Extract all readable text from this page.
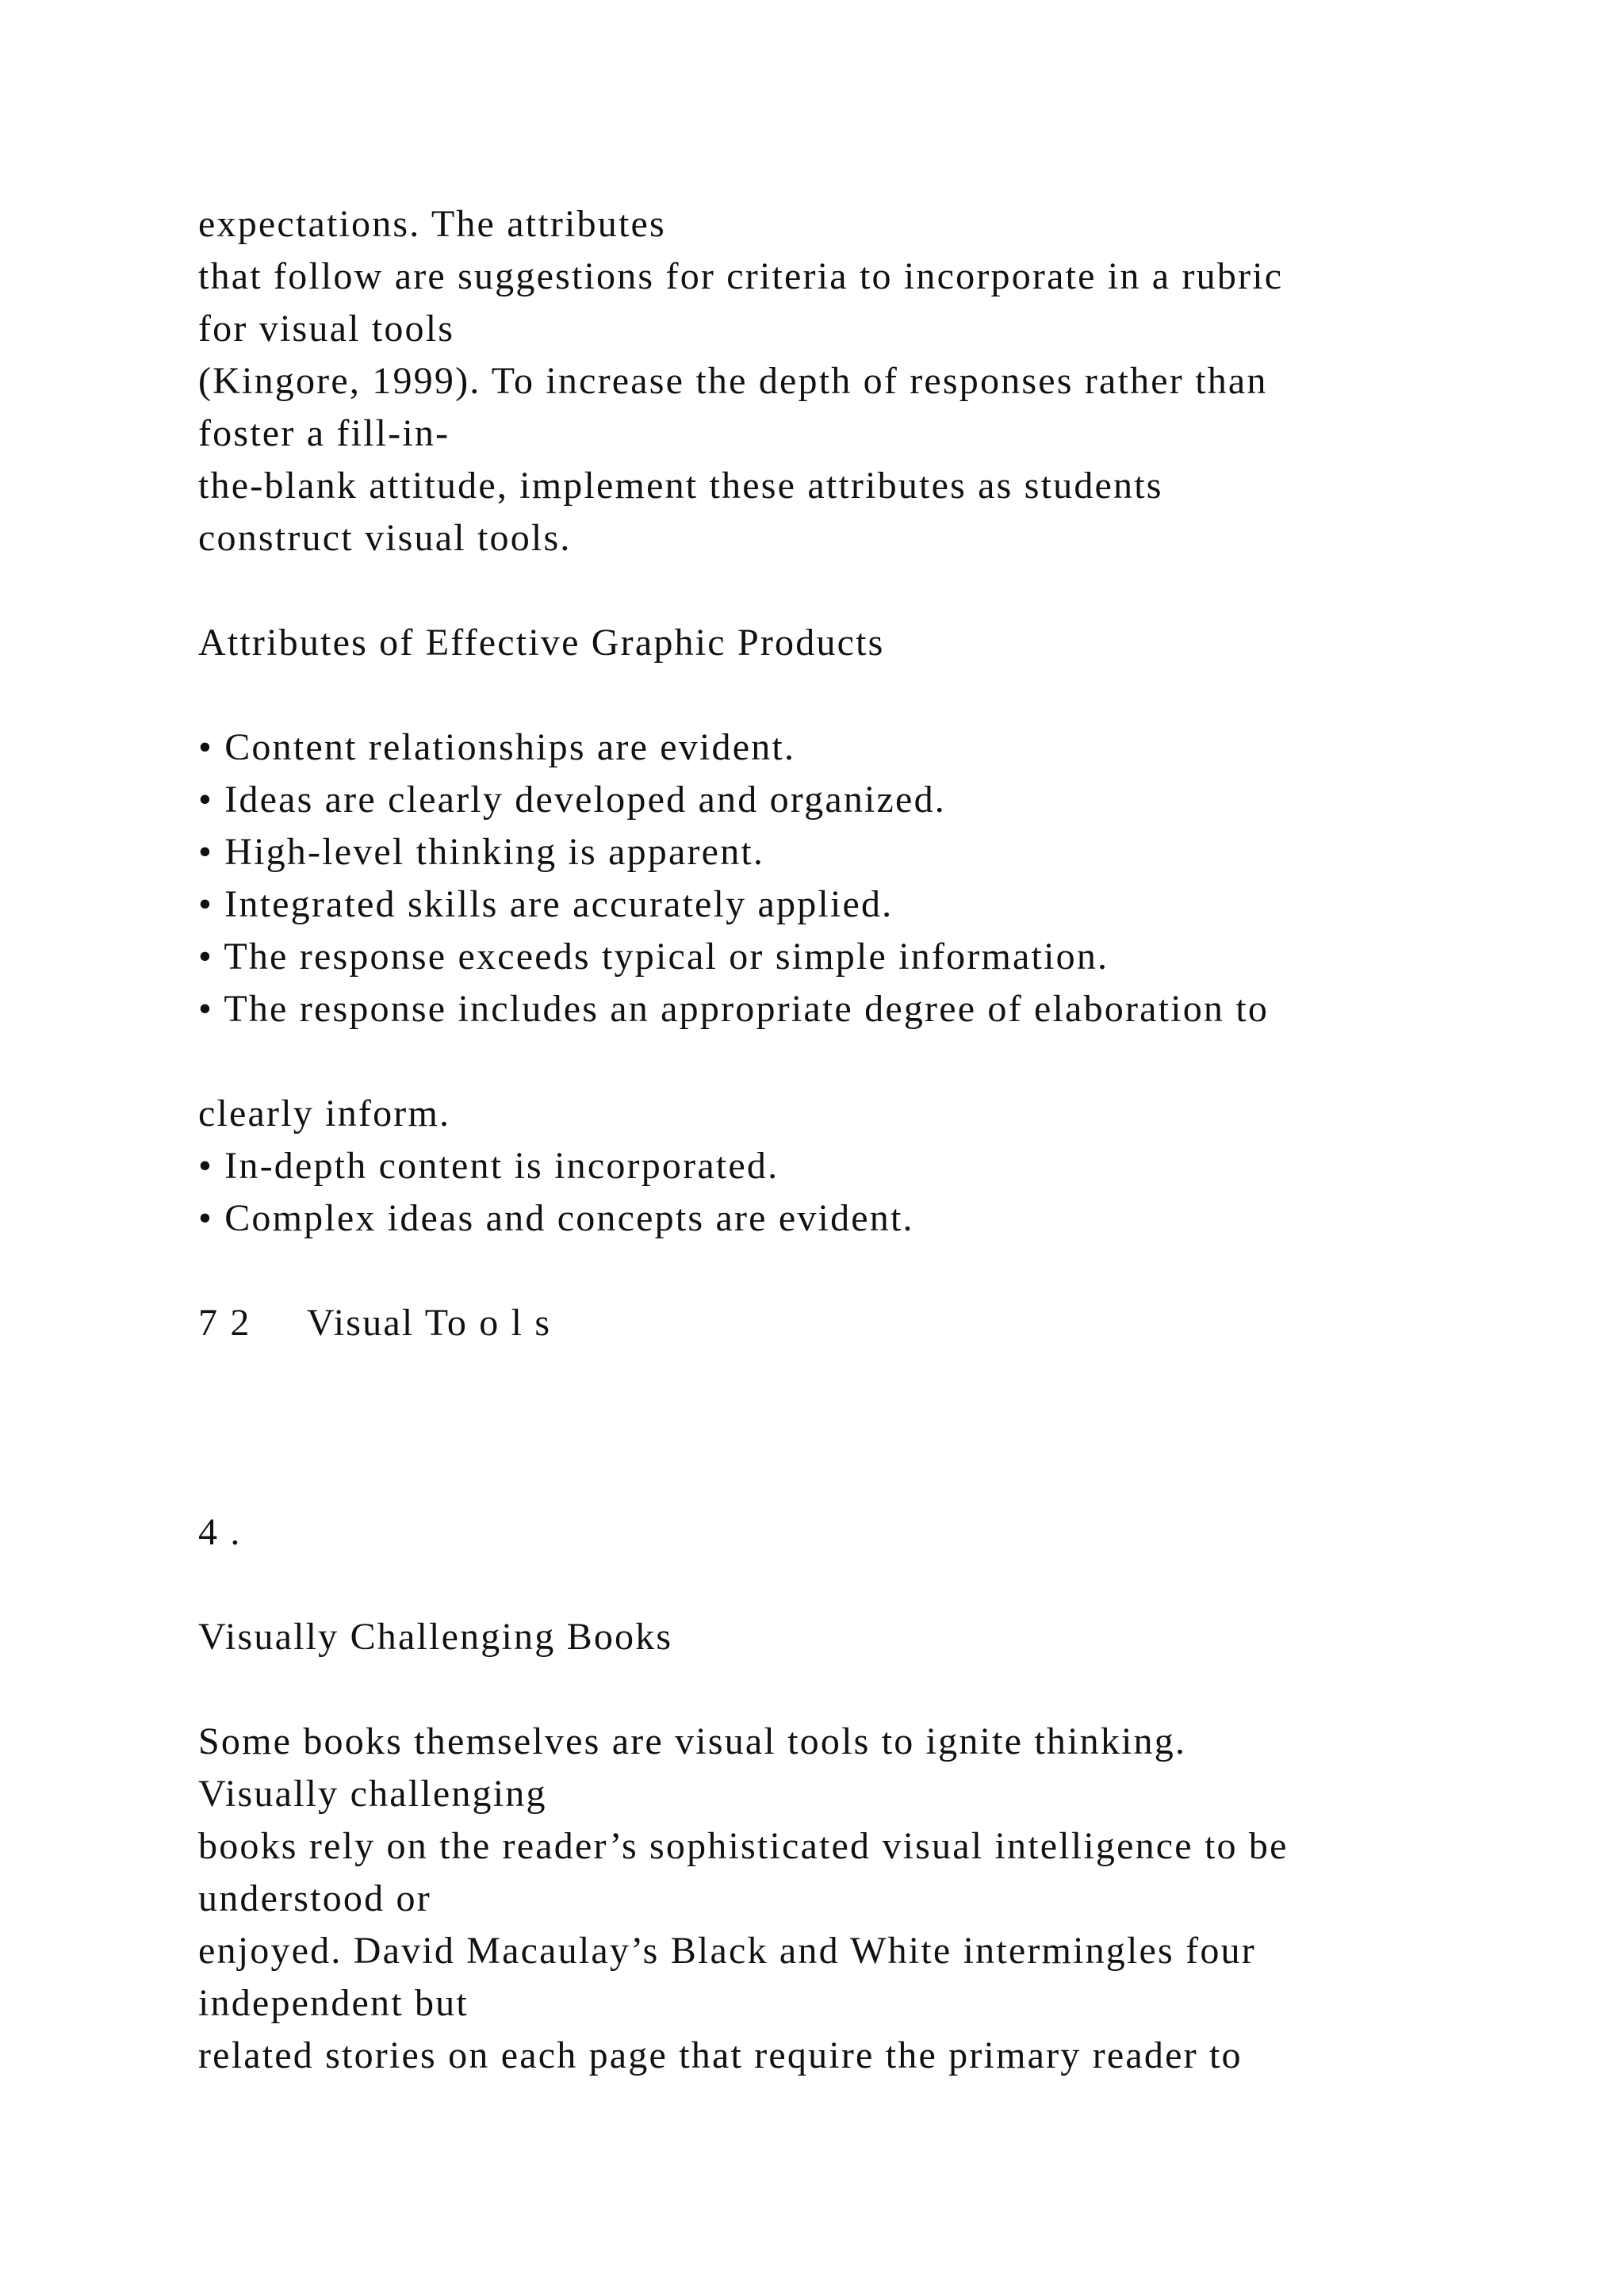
expectations. The attributes
that follow are suggestions for criteria to incorporate in a rubric
for visual tools
(Kingore, 1999). To increase the depth of responses rather than
foster a fill-in-
the-blank attitude, implement these attributes as students
construct visual tools.
Attributes of Effective Graphic Products
• Content relationships are evident.
• Ideas are clearly developed and organized.
• High-level thinking is apparent.
• Integrated skills are accurately applied.
• The response exceeds typical or simple information.
• The response includes an appropriate degree of elaboration to
clearly inform.
• In-depth content is incorporated.
• Complex ideas and concepts are evident.
7 2     Visual To o l s
4 .
Visually Challenging Books
Some books themselves are visual tools to ignite thinking.
Visually challenging
books rely on the reader’s sophisticated visual intelligence to be
understood or
enjoyed. David Macaulay’s Black and White intermingles four
independent but
related stories on each page that require the primary reader to
